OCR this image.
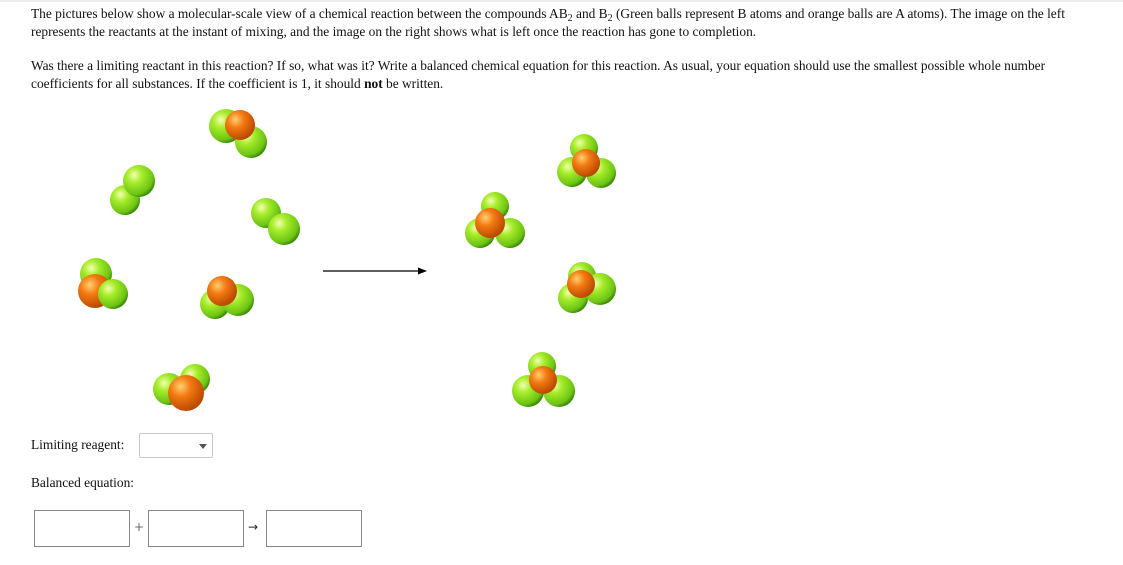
The pictures below show a molecular-scale view of a chemical reaction between the compounds $AB_2$ and $B_2$ (Green balls represent B atoms and orange balls are A atoms). The image on the left represents the reactants at the instant of mixing, and the image on the right shows what is left once the reaction has gone to completion.

Was there a limiting reactant in this reaction? If so, what was it? Write a balanced chemical equation for this reaction. As usual, your equation should use the smallest possible whole number coefficients for all substances. If the coefficient is 1, it should not be written.

Limiting reagent:
Balanced equation:
+	→
